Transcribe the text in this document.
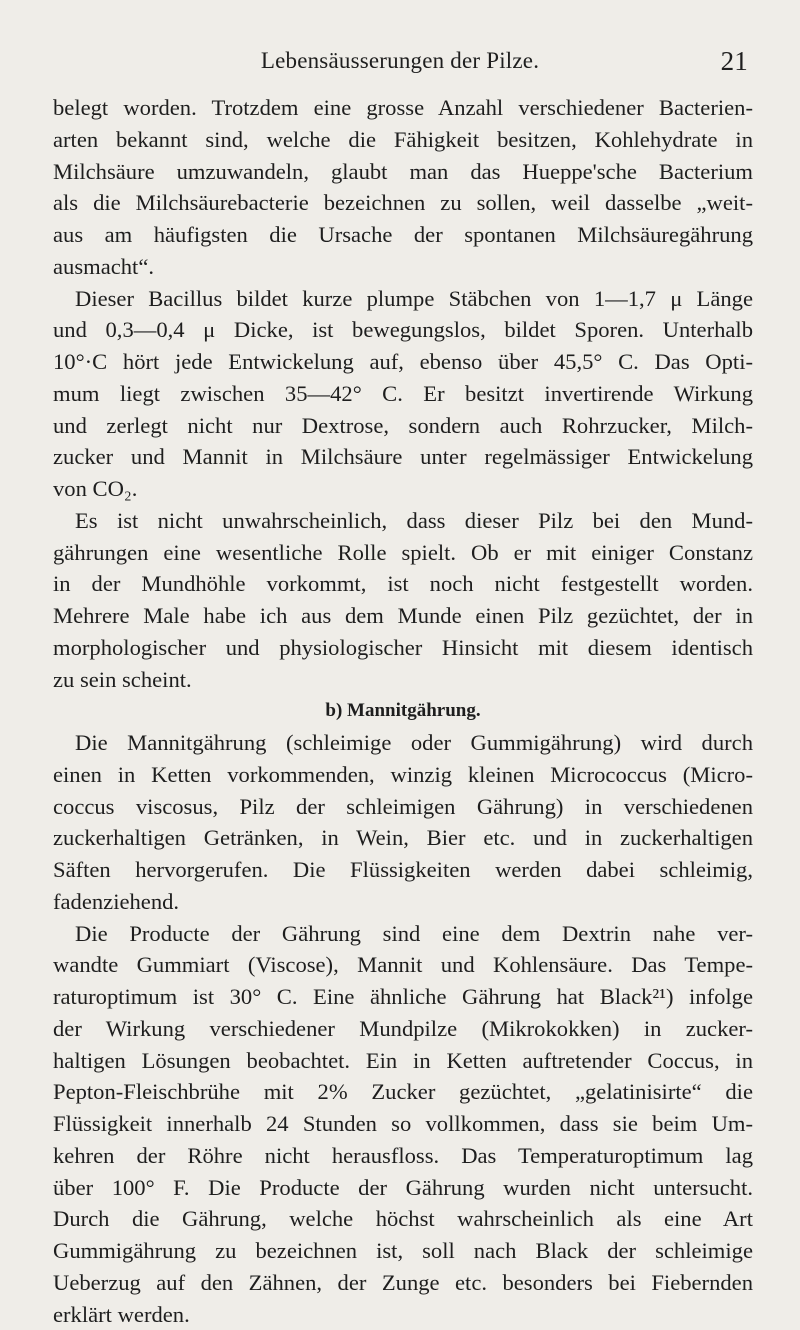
Lebensäusserungen der Pilze.	21
belegt worden. Trotzdem eine grosse Anzahl verschiedener Bacterien-
arten bekannt sind, welche die Fähigkeit besitzen, Kohlehydrate in
Milchsäure umzuwandeln, glaubt man das Hueppe'sche Bacterium
als die Milchsäurebacterie bezeichnen zu sollen, weil dasselbe „weit-
aus am häufigsten die Ursache der spontanen Milchsäuregährung
ausmacht“.
Dieser Bacillus bildet kurze plumpe Stäbchen von 1—1,7 μ Länge
und 0,3—0,4 μ Dicke, ist bewegungslos, bildet Sporen. Unterhalb
10°·C hört jede Entwickelung auf, ebenso über 45,5° C. Das Opti-
mum liegt zwischen 35—42° C. Er besitzt invertirende Wirkung
und zerlegt nicht nur Dextrose, sondern auch Rohrzucker, Milch-
zucker und Mannit in Milchsäure unter regelmässiger Entwickelung
von CO₂.
Es ist nicht unwahrscheinlich, dass dieser Pilz bei den Mund-
gährungen eine wesentliche Rolle spielt. Ob er mit einiger Constanz
in der Mundhöhle vorkommt, ist noch nicht festgestellt worden.
Mehrere Male habe ich aus dem Munde einen Pilz gezüchtet, der in
morphologischer und physiologischer Hinsicht mit diesem identisch
zu sein scheint.
b) Mannitgährung.
Die Mannitgährung (schleimige oder Gummigährung) wird durch
einen in Ketten vorkommenden, winzig kleinen Micrococcus (Micro-
coccus viscosus, Pilz der schleimigen Gährung) in verschiedenen
zuckerhaltigen Getränken, in Wein, Bier etc. und in zuckerhaltigen
Säften hervorgerufen. Die Flüssigkeiten werden dabei schleimig,
fadenziehend.
Die Producte der Gährung sind eine dem Dextrin nahe ver-
wandte Gummiart (Viscose), Mannit und Kohlensäure. Das Tempe-
raturoptimum ist 30° C. Eine ähnliche Gährung hat Black²¹) infolge
der Wirkung verschiedener Mundpilze (Mikrokokken) in zucker-
haltigen Lösungen beobachtet. Ein in Ketten auftretender Coccus, in
Pepton-Fleischbrühe mit 2% Zucker gezüchtet, „gelatinisirte“ die
Flüssigkeit innerhalb 24 Stunden so vollkommen, dass sie beim Um-
kehren der Röhre nicht herausfloss. Das Temperaturoptimum lag
über 100° F. Die Producte der Gährung wurden nicht untersucht.
Durch die Gährung, welche höchst wahrscheinlich als eine Art
Gummigährung zu bezeichnen ist, soll nach Black der schleimige
Ueberzug auf den Zähnen, der Zunge etc. besonders bei Fiebernden
erklärt werden.
